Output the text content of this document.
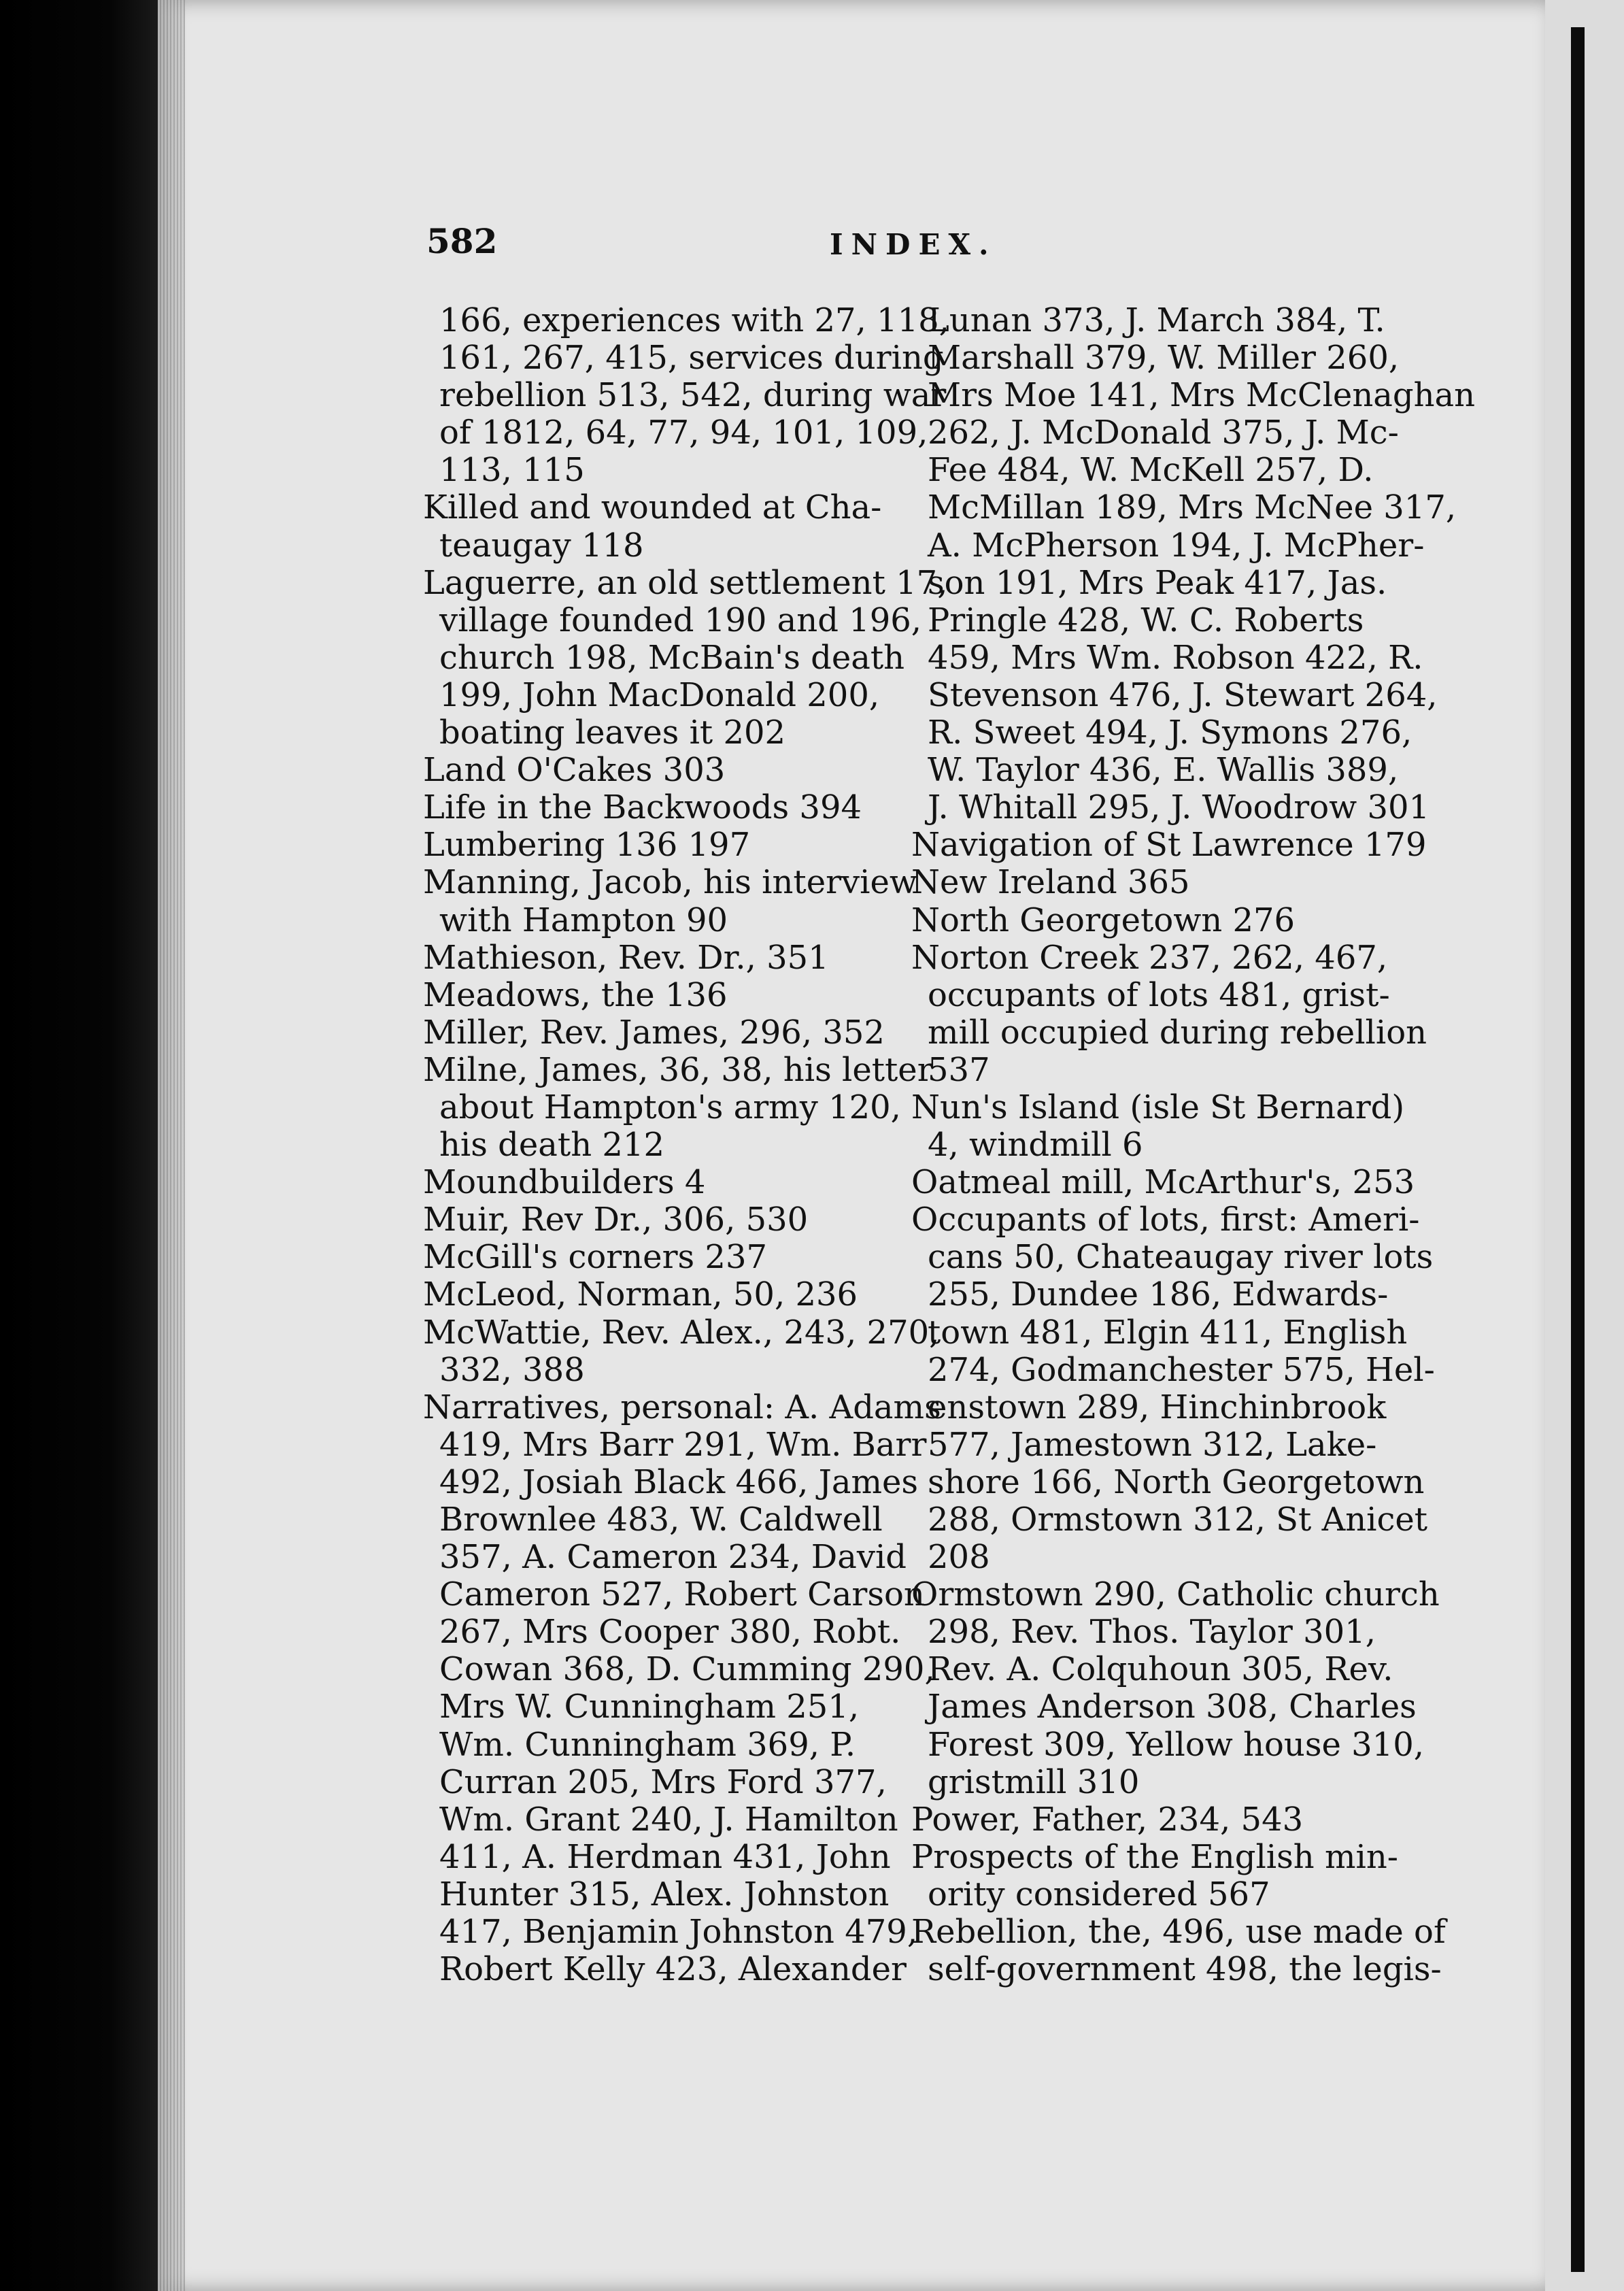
582	INDEX.
166, experiences with 27, 118,
161, 267, 415, services during
rebellion 513, 542, during war
of 1812, 64, 77, 94, 101, 109,
113, 115
Killed and wounded at Cha-
teaugay 118
Laguerre, an old settlement 17,
village founded 190 and 196,
church 198, McBain's death
199, John MacDonald 200,
boating leaves it 202
Land O'Cakes 303
Life in the Backwoods 394
Lumbering 136 197
Manning, Jacob, his interview
with Hampton 90
Mathieson, Rev. Dr., 351
Meadows, the 136
Miller, Rev. James, 296, 352
Milne, James, 36, 38, his letter
about Hampton's army 120,
his death 212
Moundbuilders 4
Muir, Rev Dr., 306, 530
McGill's corners 237
McLeod, Norman, 50, 236
McWattie, Rev. Alex., 243, 270,
332, 388
Narratives, personal: A. Adams
419, Mrs Barr 291, Wm. Barr
492, Josiah Black 466, James
Brownlee 483, W. Caldwell
357, A. Cameron 234, David
Cameron 527, Robert Carson
267, Mrs Cooper 380, Robt.
Cowan 368, D. Cumming 290,
Mrs W. Cunningham 251,
Wm. Cunningham 369, P.
Curran 205, Mrs Ford 377,
Wm. Grant 240, J. Hamilton
411, A. Herdman 431, John
Hunter 315, Alex. Johnston
417, Benjamin Johnston 479,
Robert Kelly 423, Alexander
Lunan 373, J. March 384, T.
Marshall 379, W. Miller 260,
Mrs Moe 141, Mrs McClenaghan
262, J. McDonald 375, J. Mc-
Fee 484, W. McKell 257, D.
McMillan 189, Mrs McNee 317,
A. McPherson 194, J. McPher-
son 191, Mrs Peak 417, Jas.
Pringle 428, W. C. Roberts
459, Mrs Wm. Robson 422, R.
Stevenson 476, J. Stewart 264,
R. Sweet 494, J. Symons 276,
W. Taylor 436, E. Wallis 389,
J. Whitall 295, J. Woodrow 301
Navigation of St Lawrence 179
New Ireland 365
North Georgetown 276
Norton Creek 237, 262, 467,
occupants of lots 481, grist-
mill occupied during rebellion
537
Nun's Island (isle St Bernard)
4, windmill 6
Oatmeal mill, McArthur's, 253
Occupants of lots, first: Ameri-
cans 50, Chateaugay river lots
255, Dundee 186, Edwards-
town 481, Elgin 411, English
274, Godmanchester 575, Hel-
enstown 289, Hinchinbrook
577, Jamestown 312, Lake-
shore 166, North Georgetown
288, Ormstown 312, St Anicet
208
Ormstown 290, Catholic church
298, Rev. Thos. Taylor 301,
Rev. A. Colquhoun 305, Rev.
James Anderson 308, Charles
Forest 309, Yellow house 310,
gristmill 310
Power, Father, 234, 543
Prospects of the English min-
ority considered 567
Rebellion, the, 496, use made of
self-government 498, the legis-
